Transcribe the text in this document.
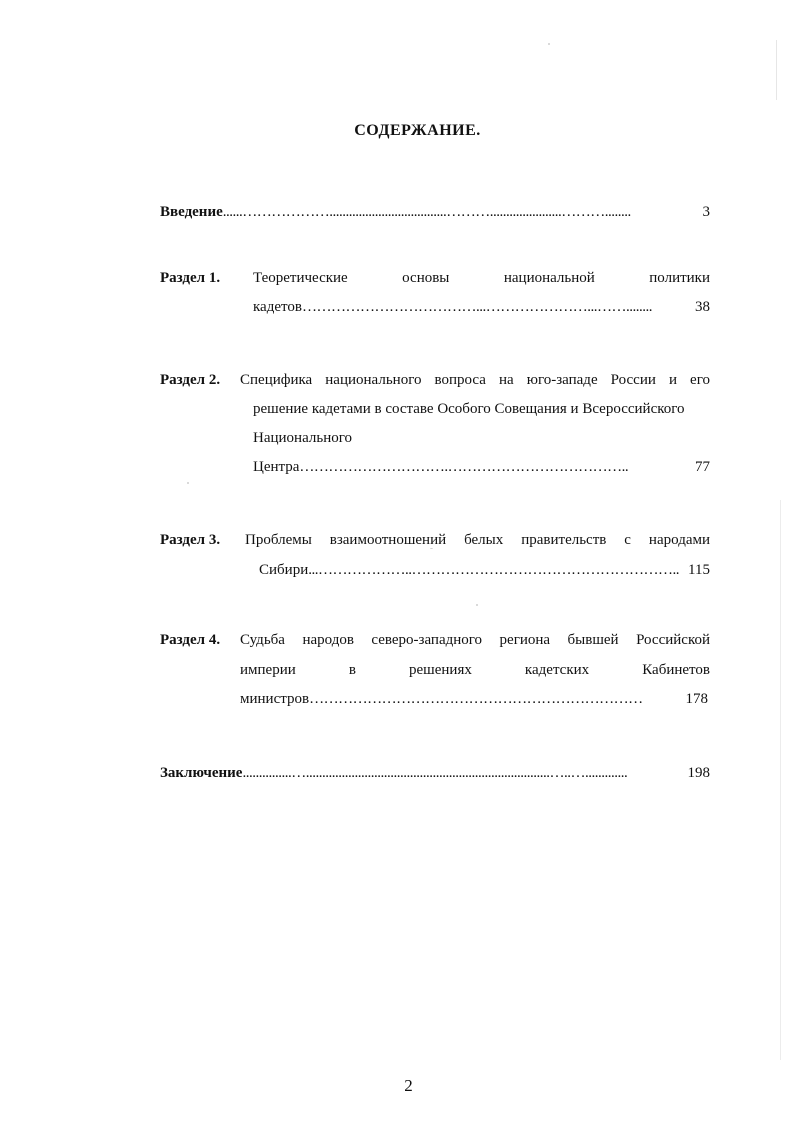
СОДЕРЖАНИЕ.
Введение ......………………....................................………......................………........	3
Раздел 1. Теоретические основы национальной политики
кадетов ………………………………...…………………...……........	38
Раздел 2. Специфика национального вопроса на юго-западе России и его
решение кадетами в составе Особого Совещания и Всероссийского
Национального
Центра ………………………….………………………………..	77
Раздел 3. Проблемы взаимоотношений белых правительств с народами
Сибири ...………………..……………………………………………….. 115
Раздел 4. Судьба народов северо-западного региона бывшей Российской
империи в решениях кадетских Кабинетов
министров ……………………………………………………………	178
Заключение ...............…...........................................................................…..….............	198
2
